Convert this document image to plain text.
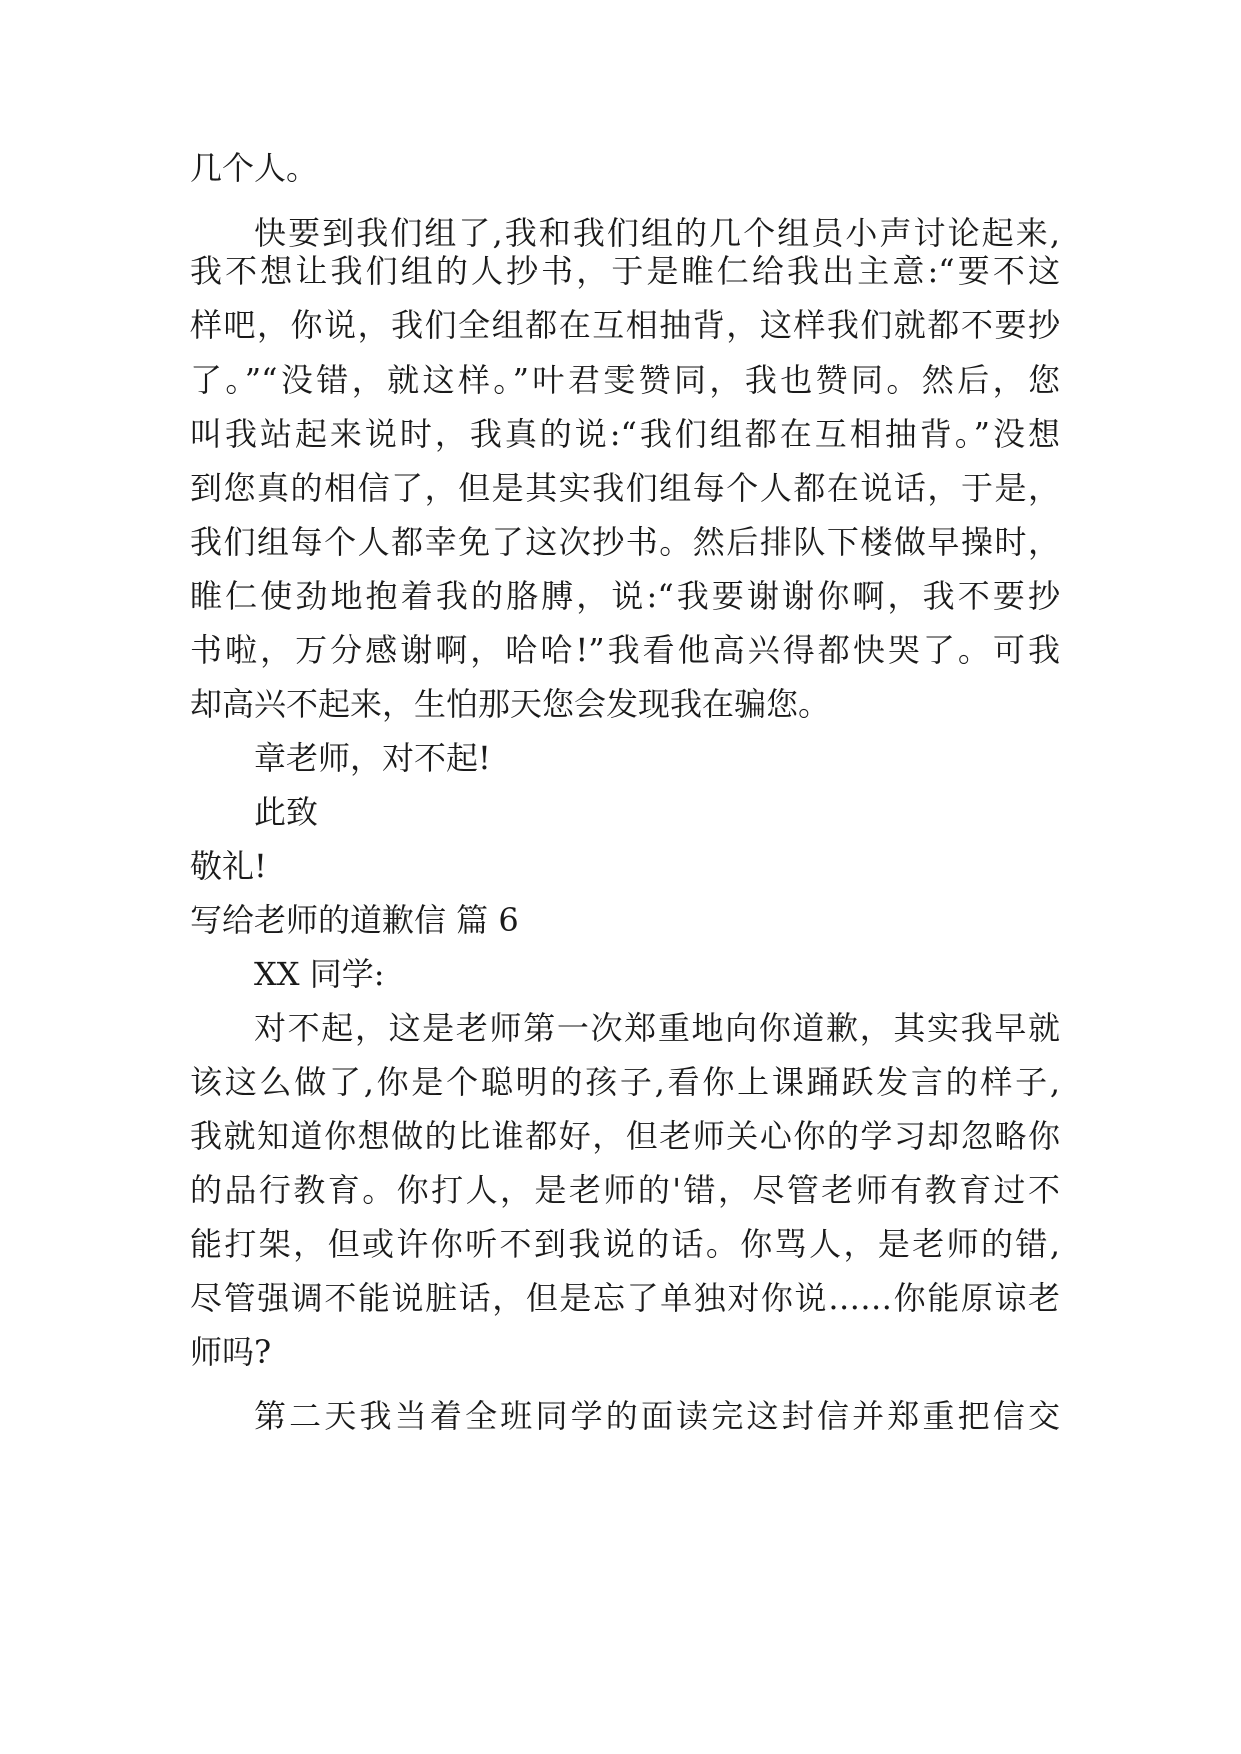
几个人。
快要到我们组了,我和我们组的几个组员小声讨论起来,
我不想让我们组的人抄书，于是睢仁给我出主意:“要不这
样吧，你说，我们全组都在互相抽背，这样我们就都不要抄
了。”“没错，就这样。”叶君雯赞同，我也赞同。然后，您
叫我站起来说时，我真的说:“我们组都在互相抽背。”没想
到您真的相信了，但是其实我们组每个人都在说话，于是，
我们组每个人都幸免了这次抄书。然后排队下楼做早操时，
睢仁使劲地抱着我的胳膊，说:“我要谢谢你啊，我不要抄
书啦，万分感谢啊，哈哈!”我看他高兴得都快哭了。可我
却高兴不起来，生怕那天您会发现我在骗您。
章老师，对不起!
此致
敬礼!
写给老师的道歉信 篇 6
XX 同学:
对不起，这是老师第一次郑重地向你道歉，其实我早就
该这么做了,你是个聪明的孩子,看你上课踊跃发言的样子,
我就知道你想做的比谁都好，但老师关心你的学习却忽略你
的品行教育。你打人，是老师的'错，尽管老师有教育过不
能打架，但或许你听不到我说的话。你骂人，是老师的错,
尽管强调不能说脏话，但是忘了单独对你说……你能原谅老
师吗?
第二天我当着全班同学的面读完这封信并郑重把信交
